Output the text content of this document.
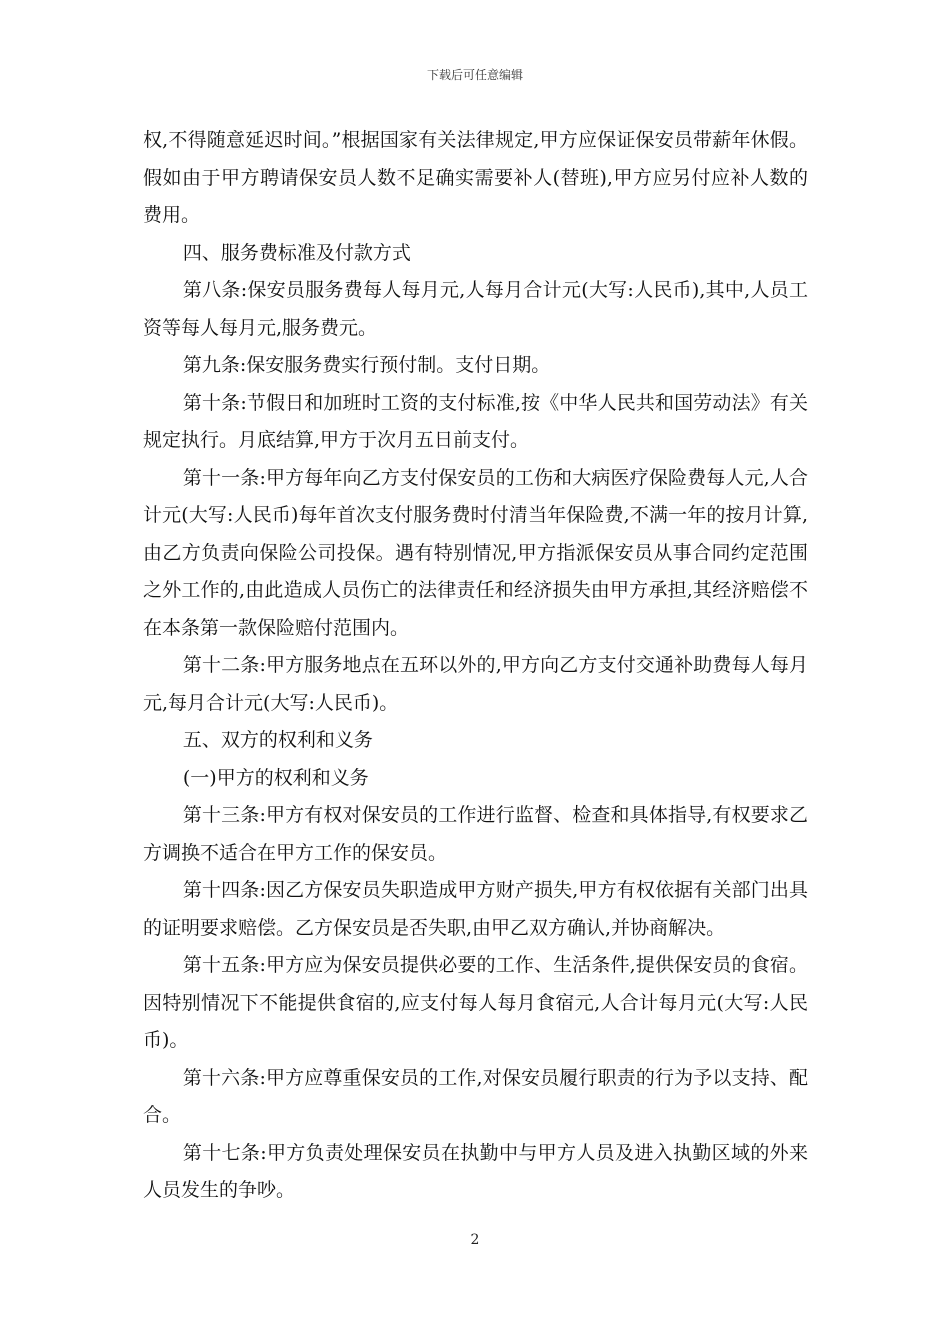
下载后可任意编辑

权,不得随意延迟时间。”根据国家有关法律规定,甲方应保证保安员带薪年休假。假如由于甲方聘请保安员人数不足确实需要补人(替班),甲方应另付应补人数的费用。

四、服务费标准及付款方式

第八条:保安员服务费每人每月元,人每月合计元(大写:人民币),其中,人员工资等每人每月元,服务费元。

第九条:保安服务费实行预付制。支付日期。

第十条:节假日和加班时工资的支付标准,按《中华人民共和国劳动法》有关规定执行。月底结算,甲方于次月五日前支付。

第十一条:甲方每年向乙方支付保安员的工伤和大病医疗保险费每人元,人合计元(大写:人民币)每年首次支付服务费时付清当年保险费,不满一年的按月计算,由乙方负责向保险公司投保。遇有特别情况,甲方指派保安员从事合同约定范围之外工作的,由此造成人员伤亡的法律责任和经济损失由甲方承担,其经济赔偿不在本条第一款保险赔付范围内。

第十二条:甲方服务地点在五环以外的,甲方向乙方支付交通补助费每人每月元,每月合计元(大写:人民币)。

五、双方的权利和义务

(一)甲方的权利和义务

第十三条:甲方有权对保安员的工作进行监督、检查和具体指导,有权要求乙方调换不适合在甲方工作的保安员。

第十四条:因乙方保安员失职造成甲方财产损失,甲方有权依据有关部门出具的证明要求赔偿。乙方保安员是否失职,由甲乙双方确认,并协商解决。

第十五条:甲方应为保安员提供必要的工作、生活条件,提供保安员的食宿。因特别情况下不能提供食宿的,应支付每人每月食宿元,人合计每月元(大写:人民币)。

第十六条:甲方应尊重保安员的工作,对保安员履行职责的行为予以支持、配合。

第十七条:甲方负责处理保安员在执勤中与甲方人员及进入执勤区域的外来人员发生的争吵。

2
